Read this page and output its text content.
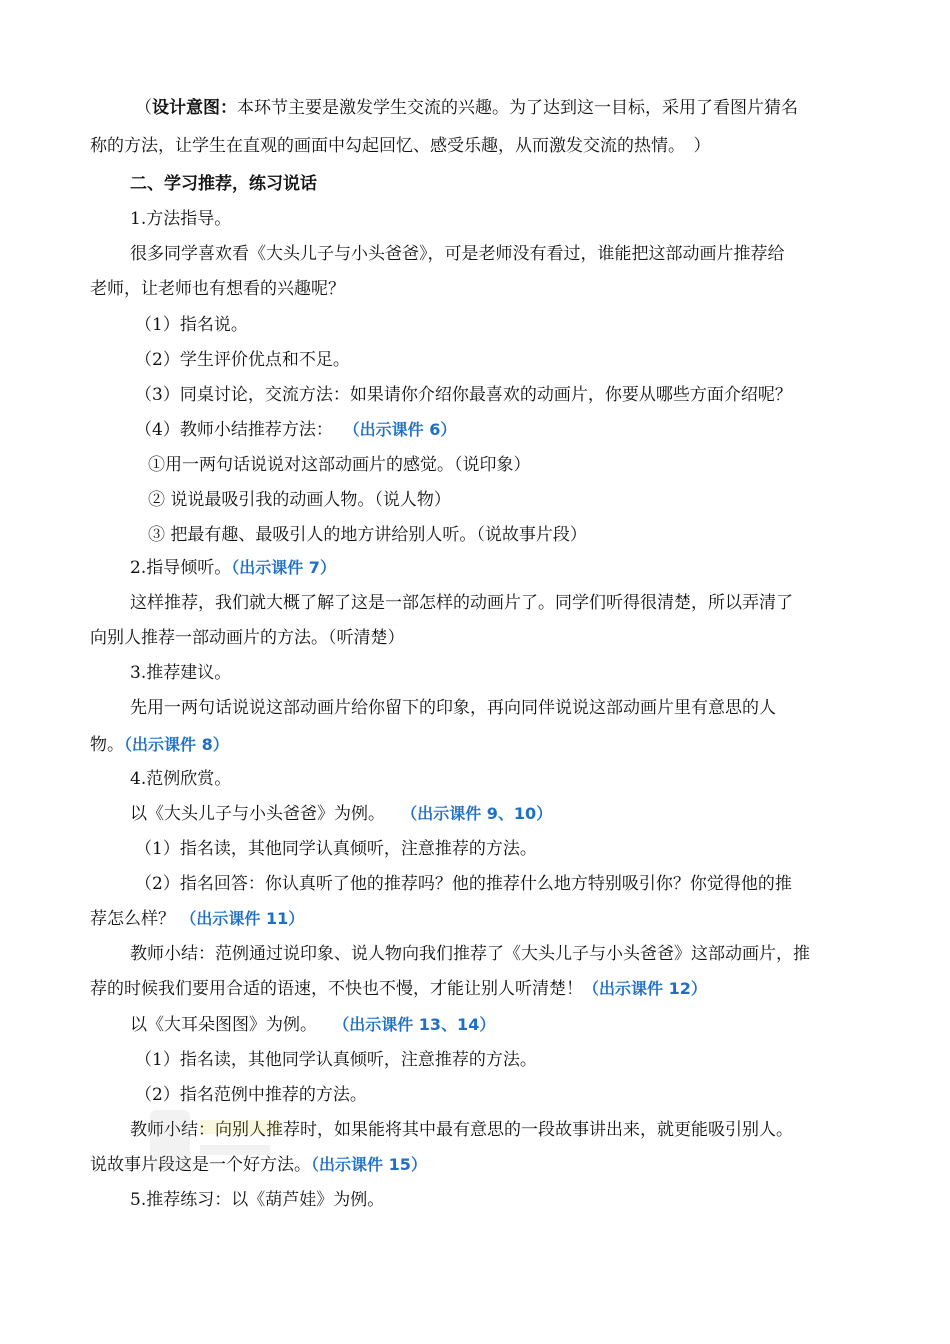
（设计意图：本环节主要是激发学生交流的兴趣。为了达到这一目标，采用了看图片猜名
称的方法，让学生在直观的画面中勾起回忆、感受乐趣，从而激发交流的热情。　）
二、学习推荐，练习说话
1.方法指导。
很多同学喜欢看《大头儿子与小头爸爸》，可是老师没有看过，谁能把这部动画片推荐给
老师，让老师也有想看的兴趣呢？
（1）指名说。
（2）学生评价优点和不足。
（3）同桌讨论，交流方法：如果请你介绍你最喜欢的动画片，你要从哪些方面介绍呢？
（4）教师小结推荐方法： （出示课件 6）
①用一两句话说说对这部动画片的感觉。（说印象）
② 说说最吸引我的动画人物。（说人物）
③ 把最有趣、最吸引人的地方讲给别人听。（说故事片段）
2.指导倾听。（出示课件 7）
这样推荐，我们就大概了解了这是一部怎样的动画片了。同学们听得很清楚，所以弄清了
向别人推荐一部动画片的方法。（听清楚）
3.推荐建议。
先用一两句话说说这部动画片给你留下的印象，再向同伴说说这部动画片里有意思的人
物。（出示课件 8）
4.范例欣赏。
以《大头儿子与小头爸爸》为例。 （出示课件 9、10）
（1）指名读，其他同学认真倾听，注意推荐的方法。
（2）指名回答：你认真听了他的推荐吗？他的推荐什么地方特别吸引你？你觉得他的推
荐怎么样？ （出示课件 11）
教师小结：范例通过说印象、说人物向我们推荐了《大头儿子与小头爸爸》这部动画片，推
荐的时候我们要用合适的语速，不快也不慢，才能让别人听清楚！（出示课件 12）
以《大耳朵图图》为例。 （出示课件 13、14）
（1）指名读，其他同学认真倾听，注意推荐的方法。
（2）指名范例中推荐的方法。
教师小结：向别人推荐时，如果能将其中最有意思的一段故事讲出来，就更能吸引别人。
说故事片段这是一个好方法。（出示课件 15）
5.推荐练习：以《葫芦娃》为例。
